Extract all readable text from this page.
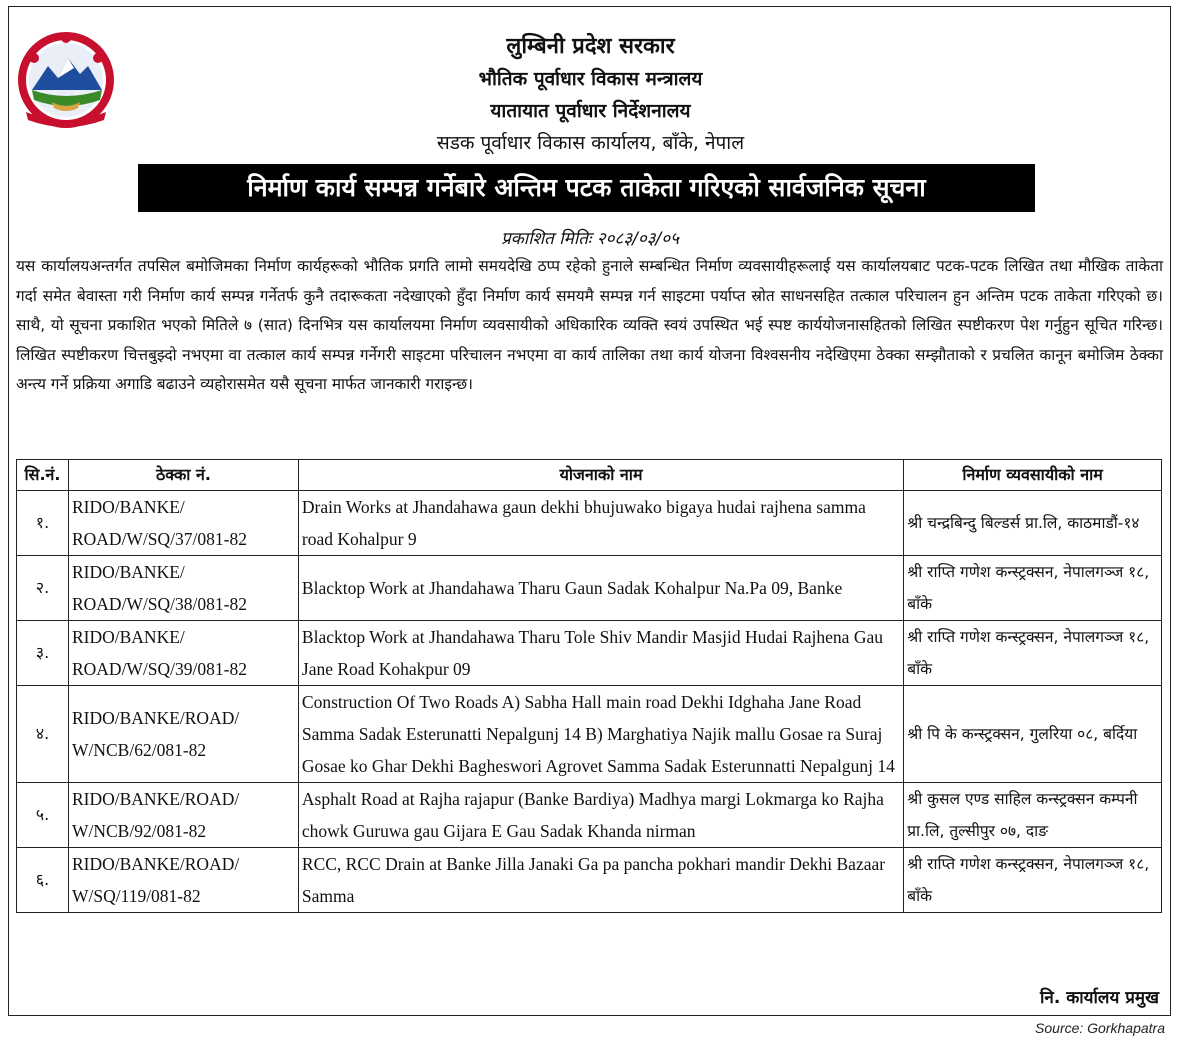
लुम्बिनी प्रदेश सरकार
भौतिक पूर्वाधार विकास मन्त्रालय
यातायात पूर्वाधार निर्देशनालय
सडक पूर्वाधार विकास कार्यालय, बाँके, नेपाल
निर्माण कार्य सम्पन्न गर्नेबारे अन्तिम पटक ताकेता गरिएको सार्वजनिक सूचना
प्रकाशित मितिः २०८३/०३/०५
यस कार्यालयअन्तर्गत तपसिल बमोजिमका निर्माण कार्यहरूको भौतिक प्रगति लामो समयदेखि ठप्प रहेको हुनाले सम्बन्धित निर्माण व्यवसायीहरूलाई यस कार्यालयबाट पटक-पटक लिखित तथा मौखिक ताकेता गर्दा समेत बेवास्ता गरी निर्माण कार्य सम्पन्न गर्नेतर्फ कुनै तदारूकता नदेखाएको हुँदा निर्माण कार्य समयमै सम्पन्न गर्न साइटमा पर्याप्त स्रोत साधनसहित तत्काल परिचालन हुन अन्तिम पटक ताकेता गरिएको छ। साथै, यो सूचना प्रकाशित भएको मितिले ७ (सात) दिनभित्र यस कार्यालयमा निर्माण व्यवसायीको अधिकारिक व्यक्ति स्वयं उपस्थित भई स्पष्ट कार्ययोजनासहितको लिखित स्पष्टीकरण पेश गर्नुहुन सूचित गरिन्छ। लिखित स्पष्टीकरण चित्तबुझ्दो नभएमा वा तत्काल कार्य सम्पन्न गर्नेगरी साइटमा परिचालन नभएमा वा कार्य तालिका तथा कार्य योजना विश्वसनीय नदेखिएमा ठेक्का सम्झौताको र प्रचलित कानून बमोजिम ठेक्का अन्त्य गर्ने प्रक्रिया अगाडि बढाउने व्यहोरासमेत यसै सूचना मार्फत जानकारी गराइन्छ।
सि.नं.	ठेक्का नं.	योजनाको नाम	निर्माण व्यवसायीको नाम
१.	RIDO/BANKE/ ROAD/W/SQ/37/081-82	Drain Works at Jhandahawa gaun dekhi bhujuwako bigaya hudai rajhena samma road Kohalpur 9	श्री चन्द्रबिन्दु बिल्डर्स प्रा.लि, काठमाडौं-१४
२.	RIDO/BANKE/ ROAD/W/SQ/38/081-82	Blacktop Work at Jhandahawa Tharu Gaun Sadak Kohalpur Na.Pa 09, Banke	श्री राप्ति गणेश कन्स्ट्रक्सन, नेपालगञ्ज १८, बाँके
३.	RIDO/BANKE/ ROAD/W/SQ/39/081-82	Blacktop Work at Jhandahawa Tharu Tole Shiv Mandir Masjid Hudai Rajhena Gau Jane Road Kohakpur 09	श्री राप्ति गणेश कन्स्ट्रक्सन, नेपालगञ्ज १८, बाँके
४.	RIDO/BANKE/ROAD/ W/NCB/62/081-82	Construction Of Two Roads A) Sabha Hall main road Dekhi Idghaha Jane Road Samma Sadak Esterunatti Nepalgunj 14 B) Marghatiya Najik mallu Gosae ra Suraj Gosae ko Ghar Dekhi Bagheswori Agrovet Samma Sadak Esterunnatti Nepalgunj 14	श्री पि के कन्स्ट्रक्सन, गुलरिया ०८, बर्दिया
५.	RIDO/BANKE/ROAD/ W/NCB/92/081-82	Asphalt Road at Rajha rajapur (Banke Bardiya) Madhya margi Lokmarga ko Rajha chowk Guruwa gau Gijara E Gau Sadak Khanda nirman	श्री कुसल एण्ड साहिल कन्स्ट्रक्सन कम्पनी प्रा.लि, तुल्सीपुर ०७, दाङ
६.	RIDO/BANKE/ROAD/ W/SQ/119/081-82	RCC, RCC Drain at Banke Jilla Janaki Ga pa pancha pokhari mandir Dekhi Bazaar Samma	श्री राप्ति गणेश कन्स्ट्रक्सन, नेपालगञ्ज १८, बाँके
नि. कार्यालय प्रमुख
Source: Gorkhapatra
